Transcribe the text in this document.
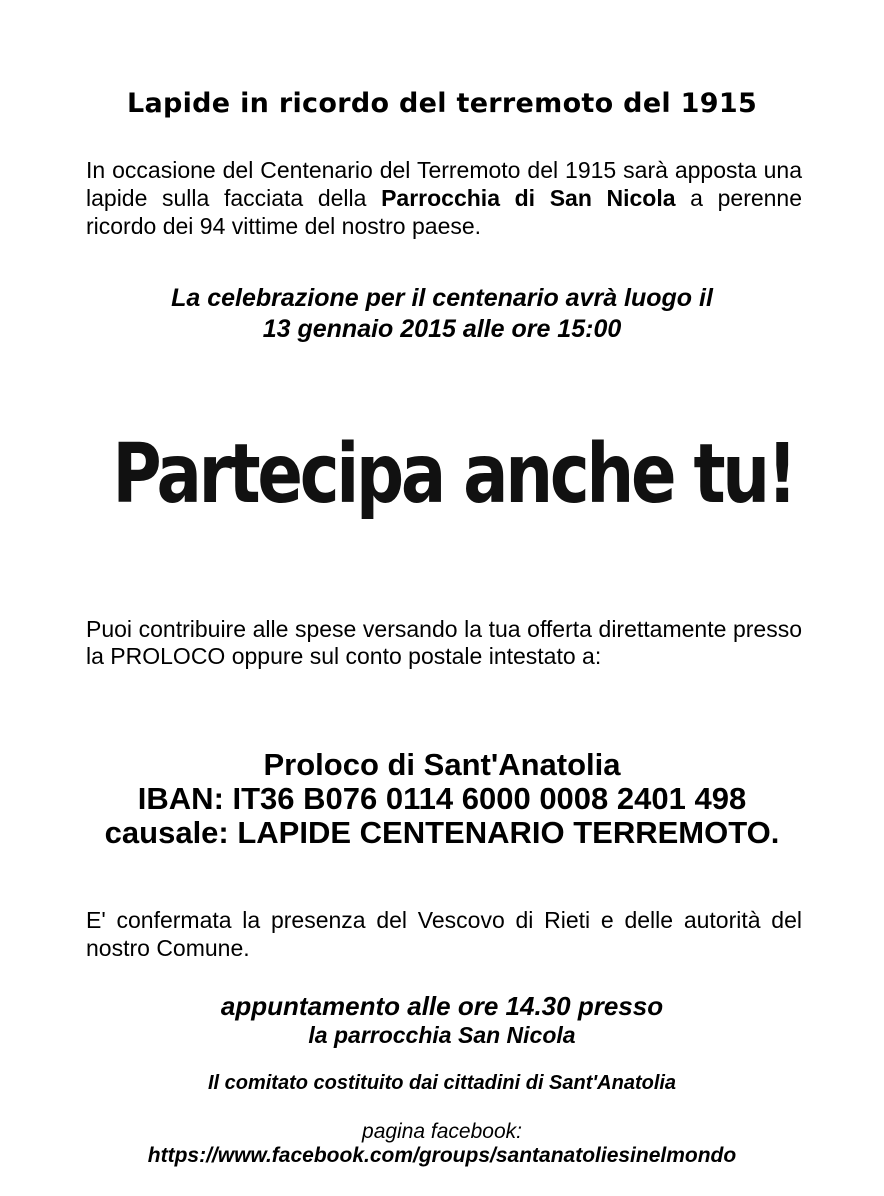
Lapide in ricordo del terremoto del 1915

In occasione del Centenario del Terremoto del 1915 sarà apposta una lapide sulla facciata della Parrocchia di San Nicola a perenne ricordo dei 94 vittime del nostro paese.

La celebrazione per il centenario avrà luogo il
13 gennaio 2015 alle ore 15:00
Partecipa anche tu!

Puoi contribuire alle spese versando la tua offerta direttamente presso la PROLOCO oppure sul conto postale intestato a:

Proloco di Sant'Anatolia
IBAN: IT36 B076 0114 6000 0008 2401 498
causale: LAPIDE CENTENARIO TERREMOTO.

E' confermata la presenza del Vescovo di Rieti e delle autorità del nostro Comune.

appuntamento alle ore 14.30 presso
la parrocchia San Nicola
Il comitato costituito dai cittadini di Sant'Anatolia
pagina facebook:
https://www.facebook.com/groups/santanatoliesinelmondo
